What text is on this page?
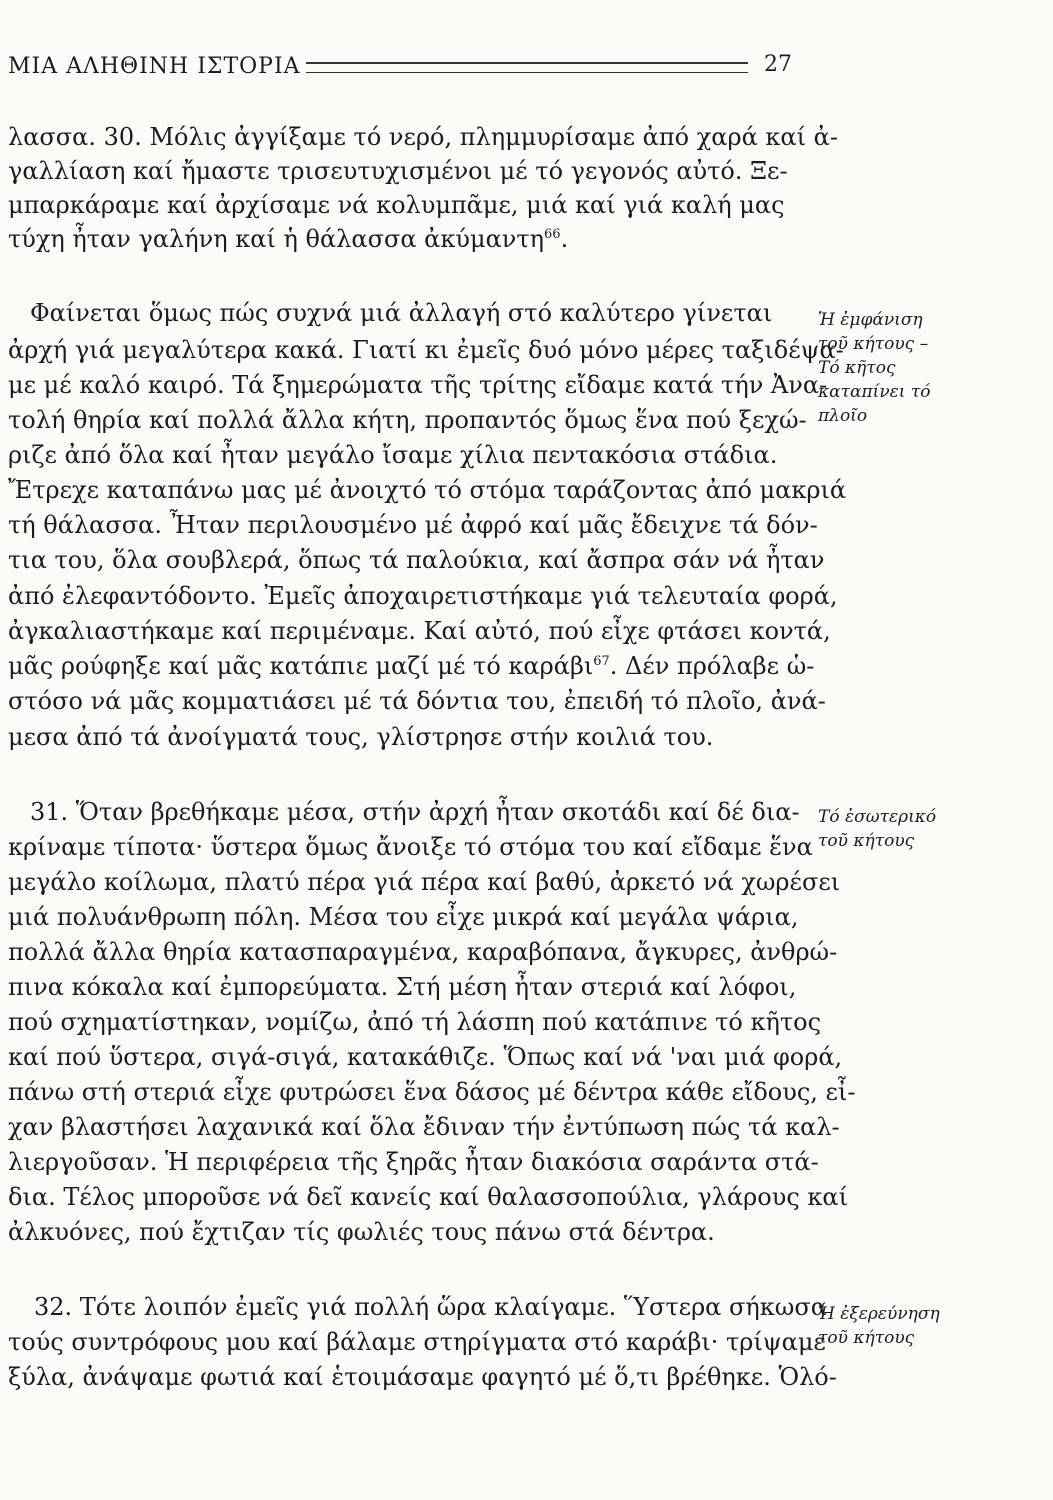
ΜΙΑ ΑΛΗΘΙΝΗ ΙΣΤΟΡΙΑ	27
λασσα. 30. Μόλις ἀγγίξαμε τό νερό, πλημμυρίσαμε ἀπό χαρά καί ἀ-
γαλλίαση καί ἤμαστε τρισευτυχισμένοι μέ τό γεγονός αὐτό. Ξε-
μπαρκάραμε καί ἀρχίσαμε νά κολυμπᾶμε, μιά καί γιά καλή μας
τύχη ἦταν γαλήνη καί ἡ θάλασσα ἀκύμαντη$^{66}$.
Φαίνεται ὅμως πώς συχνά μιά ἀλλαγή στό καλύτερο γίνεται
ἀρχή γιά μεγαλύτερα κακά. Γιατί κι ἐμεῖς δυό μόνο μέρες ταξιδέψα-
με μέ καλό καιρό. Τά ξημερώματα τῆς τρίτης εἴδαμε κατά τήν Ἀνα-
τολή θηρία καί πολλά ἄλλα κήτη, προπαντός ὅμως ἕνα πού ξεχώ-
ριζε ἀπό ὅλα καί ἦταν μεγάλο ἴσαμε χίλια πεντακόσια στάδια.
Ἔτρεχε καταπάνω μας μέ ἀνοιχτό τό στόμα ταράζοντας ἀπό μακριά
τή θάλασσα. Ἦταν περιλουσμένο μέ ἀφρό καί μᾶς ἔδειχνε τά δόν-
τια του, ὅλα σουβλερά, ὅπως τά παλούκια, καί ἄσπρα σάν νά ἦταν
ἀπό ἐλεφαντόδοντο. Ἐμεῖς ἀποχαιρετιστήκαμε γιά τελευταία φορά,
ἀγκαλιαστήκαμε καί περιμέναμε. Καί αὐτό, πού εἶχε φτάσει κοντά,
μᾶς ρούφηξε καί μᾶς κατάπιε μαζί μέ τό καράβι$^{67}$. Δέν πρόλαβε ὡ-
στόσο νά μᾶς κομματιάσει μέ τά δόντια του, ἐπειδή τό πλοῖο, ἀνά-
μεσα ἀπό τά ἀνοίγματά τους, γλίστρησε στήν κοιλιά του.
31. Ὅταν βρεθήκαμε μέσα, στήν ἀρχή ἦταν σκοτάδι καί δέ δια-
κρίναμε τίποτα· ὕστερα ὅμως ἄνοιξε τό στόμα του καί εἴδαμε ἕνα
μεγάλο κοίλωμα, πλατύ πέρα γιά πέρα καί βαθύ, ἀρκετό νά χωρέσει
μιά πολυάνθρωπη πόλη. Μέσα του εἶχε μικρά καί μεγάλα ψάρια,
πολλά ἄλλα θηρία κατασπαραγμένα, καραβόπανα, ἄγκυρες, ἀνθρώ-
πινα κόκαλα καί ἐμπορεύματα. Στή μέση ἦταν στεριά καί λόφοι,
πού σχηματίστηκαν, νομίζω, ἀπό τή λάσπη πού κατάπινε τό κῆτος
καί πού ὕστερα, σιγά-σιγά, κατακάθιζε. Ὅπως καί νά 'ναι μιά φορά,
πάνω στή στεριά εἶχε φυτρώσει ἕνα δάσος μέ δέντρα κάθε εἴδους, εἶ-
χαν βλαστήσει λαχανικά καί ὅλα ἔδιναν τήν ἐντύπωση πώς τά καλ-
λιεργοῦσαν. Ἡ περιφέρεια τῆς ξηρᾶς ἦταν διακόσια σαράντα στά-
δια. Τέλος μποροῦσε νά δεῖ κανείς καί θαλασσοπούλια, γλάρους καί
ἀλκυόνες, πού ἔχτιζαν τίς φωλιές τους πάνω στά δέντρα.
32. Τότε λοιπόν ἐμεῖς γιά πολλή ὥρα κλαίγαμε. Ὕστερα σήκωσα
τούς συντρόφους μου καί βάλαμε στηρίγματα στό καράβι· τρίψαμε
ξύλα, ἀνάψαμε φωτιά καί ἑτοιμάσαμε φαγητό μέ ὅ,τι βρέθηκε. Ὁλό-
Ἡ ἐμφάνιση
τοῦ κήτους –
Τό κῆτος
καταπίνει τό
πλοῖο
Τό ἐσωτερικό
τοῦ κήτους
Ἡ ἐξερεύνηση
τοῦ κήτους
